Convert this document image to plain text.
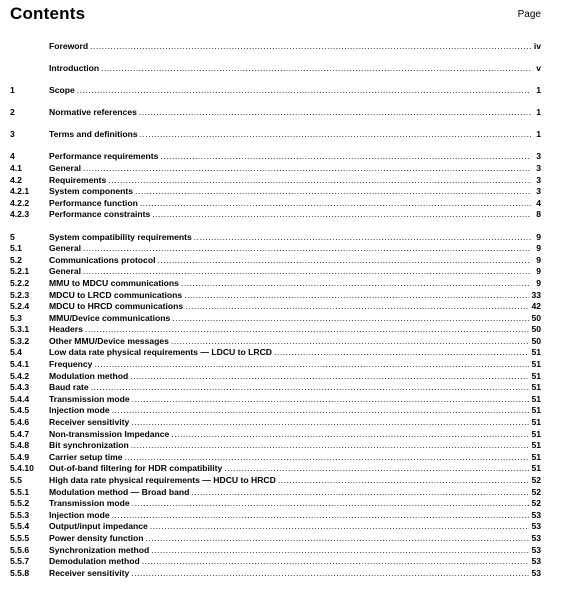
Contents	Page
Foreword .....	iv
Introduction .....	v
1	Scope .....	1
2	Normative references .....	1
3	Terms and definitions .....	1
4	Performance requirements .....	3
4.1	General .....	3
4.2	Requirements .....	3
4.2.1	System components .....	3
4.2.2	Performance function .....	4
4.2.3	Performance constraints .....	8
5	System compatibility requirements .....	9
5.1	General .....	9
5.2	Communications protocol .....	9
5.2.1	General .....	9
5.2.2	MMU to MDCU communications .....	9
5.2.3	MDCU to LRCD communications .....	33
5.2.4	MDCU to HRCD communications .....	42
5.3	MMU/Device communications .....	50
5.3.1	Headers .....	50
5.3.2	Other MMU/Device messages .....	50
5.4	Low data rate physical requirements — LDCU to LRCD .....	51
5.4.1	Frequency .....	51
5.4.2	Modulation method .....	51
5.4.3	Baud rate .....	51
5.4.4	Transmission mode .....	51
5.4.5	Injection mode .....	51
5.4.6	Receiver sensitivity .....	51
5.4.7	Non-transmission Impedance .....	51
5.4.8	Bit synchronization .....	51
5.4.9	Carrier setup time .....	51
5.4.10	Out-of-band filtering for HDR compatibility .....	51
5.5	High data rate physical requirements — HDCU to HRCD .....	52
5.5.1	Modulation method — Broad band .....	52
5.5.2	Transmission mode .....	52
5.5.3	Injection mode .....	53
5.5.4	Output/input impedance .....	53
5.5.5	Power density function .....	53
5.5.6	Synchronization method .....	53
5.5.7	Demodulation method .....	53
5.5.8	Receiver sensitivity .....	53
